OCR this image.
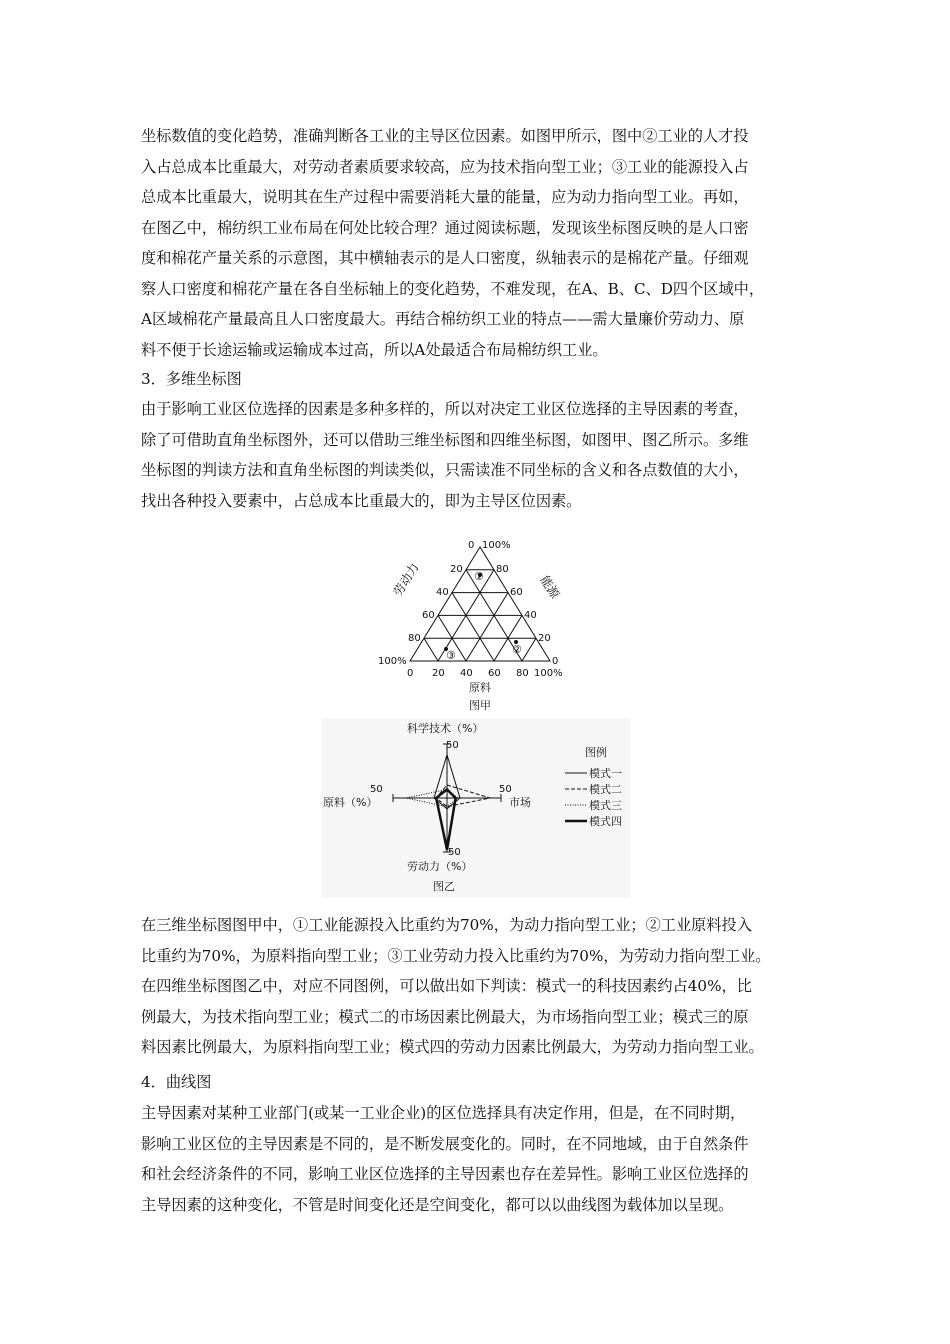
坐标数值的变化趋势，准确判断各工业的主导区位因素。如图甲所示，图中②工业的人才投
入占总成本比重最大，对劳动者素质要求较高，应为技术指向型工业；③工业的能源投入占
总成本比重最大，说明其在生产过程中需要消耗大量的能量，应为动力指向型工业。再如，
在图乙中，棉纺织工业布局在何处比较合理？通过阅读标题，发现该坐标图反映的是人口密
度和棉花产量关系的示意图，其中横轴表示的是人口密度，纵轴表示的是棉花产量。仔细观
察人口密度和棉花产量在各自坐标轴上的变化趋势，不难发现，在A、B、C、D四个区域中，
A区域棉花产量最高且人口密度最大。再结合棉纺织工业的特点——需大量廉价劳动力、原
料不便于长途运输或运输成本过高，所以A处最适合布局棉纺织工业。
3．多维坐标图
由于影响工业区位选择的因素是多种多样的，所以对决定工业区位选择的主导因素的考查，
除了可借助直角坐标图外，还可以借助三维坐标图和四维坐标图，如图甲、图乙所示。多维
坐标图的判读方法和直角坐标图的判读类似，只需读准不同坐标的含义和各点数值的大小，
找出各种投入要素中，占总成本比重最大的，即为主导区位因素。
①
②
③
0 100%
20
40
60
80
100%
80
60
40
20
0
0 20 40 60 80 100%
原料
劳动力	能源
图甲
科学技术（%）
50
原料（%）
50
市场
50
50
劳动力（%）
图乙
图例
模式一
模式二
模式三
模式四
在三维坐标图图甲中，①工业能源投入比重约为70%，为动力指向型工业；②工业原料投入
比重约为70%，为原料指向型工业；③工业劳动力投入比重约为70%，为劳动力指向型工业。
在四维坐标图图乙中，对应不同图例，可以做出如下判读：模式一的科技因素约占40%，比
例最大，为技术指向型工业；模式二的市场因素比例最大，为市场指向型工业；模式三的原
料因素比例最大，为原料指向型工业；模式四的劳动力因素比例最大，为劳动力指向型工业。
4．曲线图
主导因素对某种工业部门(或某一工业企业)的区位选择具有决定作用，但是，在不同时期，
影响工业区位的主导因素是不同的，是不断发展变化的。同时，在不同地域，由于自然条件
和社会经济条件的不同，影响工业区位选择的主导因素也存在差异性。影响工业区位选择的
主导因素的这种变化，不管是时间变化还是空间变化，都可以以曲线图为载体加以呈现。
